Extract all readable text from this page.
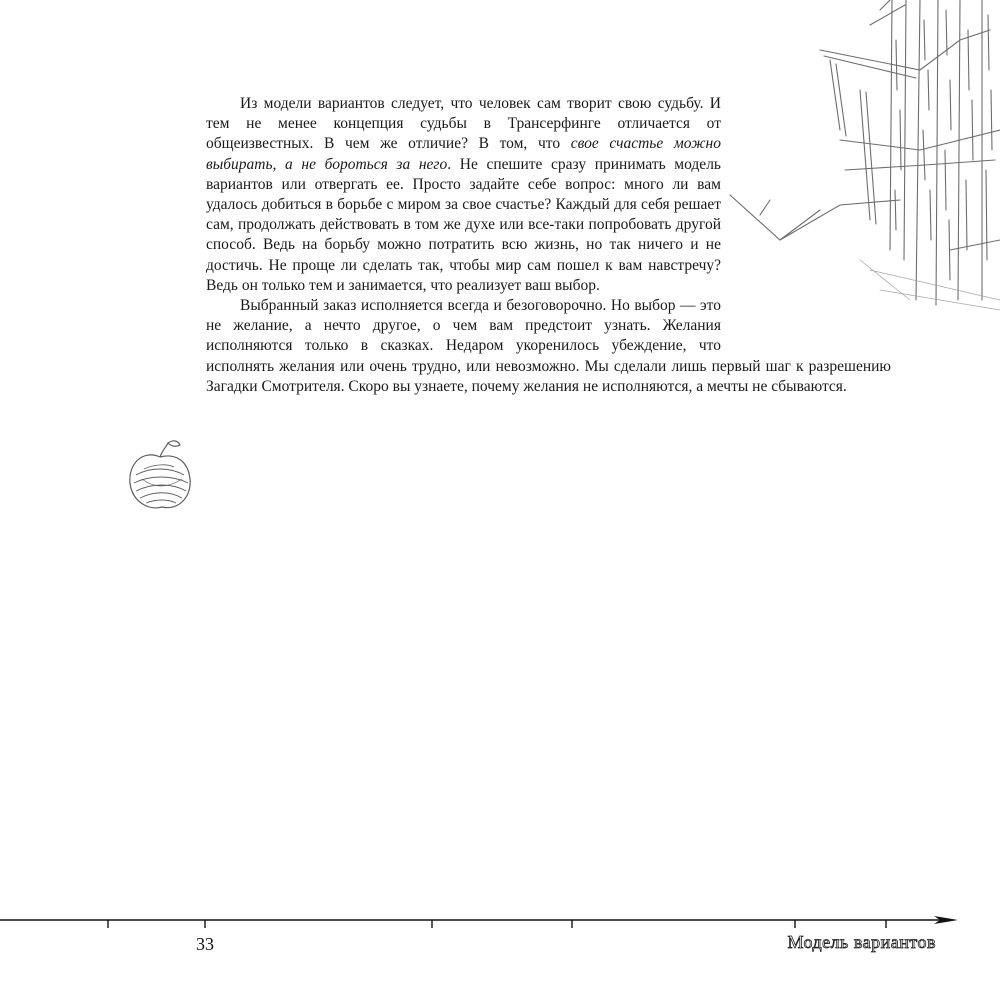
Из модели вариантов следует, что человек сам творит свою судьбу. И тем не менее концепция судьбы в Трансерфинге отличается от общеизвестных. В чем же отличие? В том, что свое счастье можно выбирать, а не бороться за него. Не спешите сразу принимать модель вариантов или отвергать ее. Просто задайте себе вопрос: много ли вам удалось добиться в борьбе с миром за свое счастье? Каждый для себя решает сам, продолжать действовать в том же духе или все-таки попробовать другой способ. Ведь на борьбу можно потратить всю жизнь, но так ничего и не достичь. Не проще ли сделать так, чтобы мир сам пошел к вам навстречу? Ведь он только тем и занимается, что реализует ваш выбор.

Выбранный заказ исполняется всегда и безоговорочно. Но выбор — это не желание, а нечто другое, о чем вам предстоит узнать. Желания исполняются только в сказках. Недаром укоренилось убеждение, что исполнять желания или очень трудно, или невозможно. Мы сделали лишь первый шаг к разрешению Загадки Смотрителя. Скоро вы узнаете, почему желания не исполняются, а мечты не сбываются.

33	Модель вариантов
